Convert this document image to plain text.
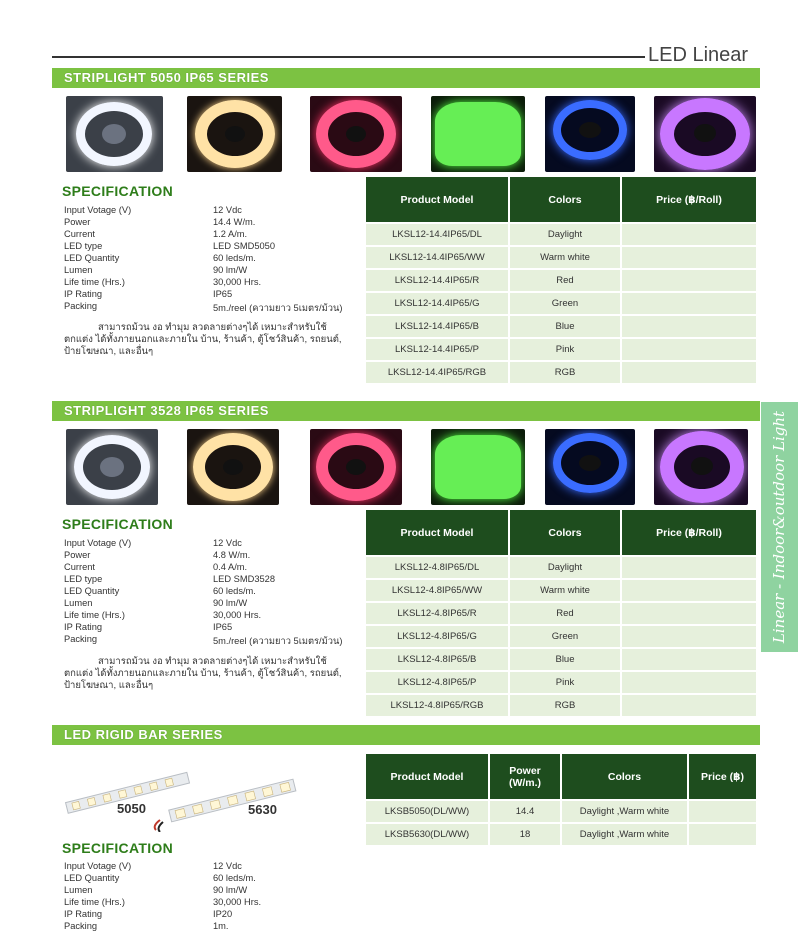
LED Linear
STRIPLIGHT 5050 IP65 SERIES
SPECIFICATION
Input Votage (V)	12 Vdc
Power	14.4 W/m.
Current	1.2 A/m.
LED type	LED SMD5050
LED Quantity	60 leds/m.
Lumen	90 lm/W
Life time (Hrs.)	30,000 Hrs.
IP Rating	IP65
Packing	5m./reel (ความยาว 5เมตร/ม้วน)
สามารถม้วน งอ ทำมุม ลวดลายต่างๆได้ เหมาะสำหรับใช้ตกแต่ง ได้ทั้งภายนอกและภายใน บ้าน, ร้านค้า, ตู้โชว์สินค้า, รถยนต์, ป้ายโฆษณา, และอื่นๆ
Product Model	Colors	Price (฿/Roll)
LKSL12-14.4IP65/DL	Daylight	
LKSL12-14.4IP65/WW	Warm white	
LKSL12-14.4IP65/R	Red	
LKSL12-14.4IP65/G	Green	
LKSL12-14.4IP65/B	Blue	
LKSL12-14.4IP65/P	Pink	
LKSL12-14.4IP65/RGB	RGB	
STRIPLIGHT 3528 IP65 SERIES
SPECIFICATION
Input Votage (V)	12 Vdc
Power	4.8 W/m.
Current	0.4 A/m.
LED type	LED SMD3528
LED Quantity	60 leds/m.
Lumen	90 lm/W
Life time (Hrs.)	30,000 Hrs.
IP Rating	IP65
Packing	5m./reel (ความยาว 5เมตร/ม้วน)
สามารถม้วน งอ ทำมุม ลวดลายต่างๆได้ เหมาะสำหรับใช้ตกแต่ง ได้ทั้งภายนอกและภายใน บ้าน, ร้านค้า, ตู้โชว์สินค้า, รถยนต์, ป้ายโฆษณา, และอื่นๆ
Product Model	Colors	Price (฿/Roll)
LKSL12-4.8IP65/DL	Daylight	
LKSL12-4.8IP65/WW	Warm white	
LKSL12-4.8IP65/R	Red	
LKSL12-4.8IP65/G	Green	
LKSL12-4.8IP65/B	Blue	
LKSL12-4.8IP65/P	Pink	
LKSL12-4.8IP65/RGB	RGB	
Linear - Indoor&outdoor Light
LED RIGID BAR SERIES
5050	5630
SPECIFICATION
Input Votage (V)	12 Vdc
LED Quantity	60 leds/m.
Lumen	90 lm/W
Life time (Hrs.)	30,000 Hrs.
IP Rating	IP20
Packing	1m.
Product Model	Power (W/m.)	Colors	Price (฿)
LKSB5050(DL/WW)	14.4	Daylight ,Warm white	
LKSB5630(DL/WW)	18	Daylight ,Warm white	
